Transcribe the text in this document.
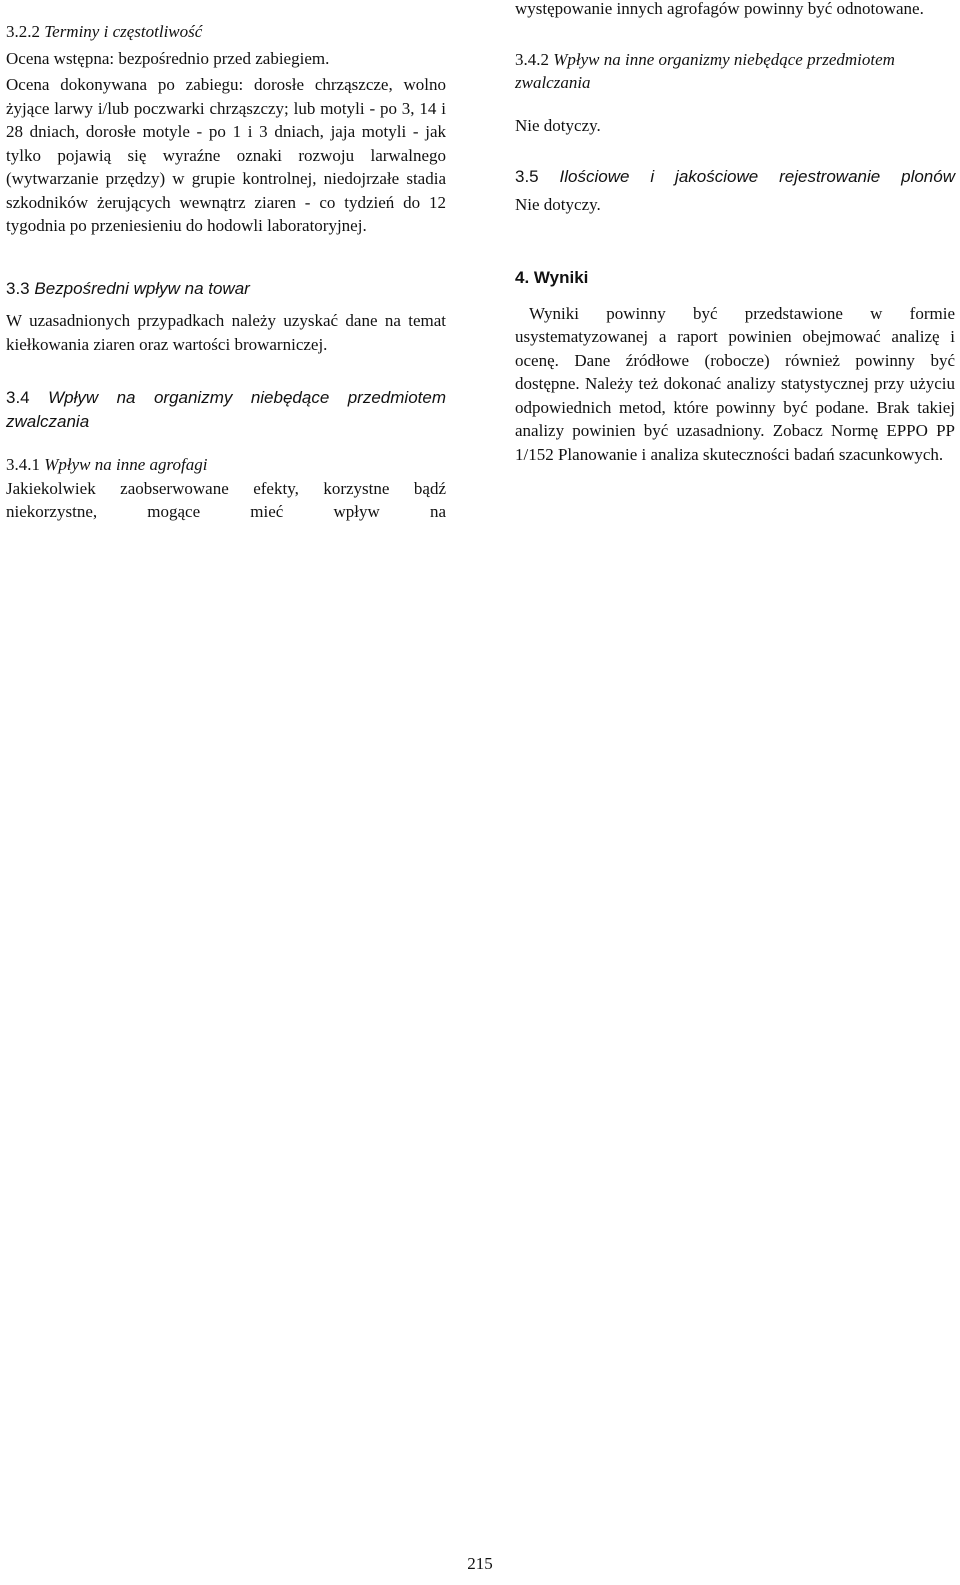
3.2.2 Terminy i częstotliwość

Ocena wstępna: bezpośrednio przed zabiegiem.

Ocena dokonywana po zabiegu: dorosłe chrząszcze, wolno żyjące larwy i/lub poczwarki chrząszczy; lub motyli - po 3, 14 i 28 dniach, dorosłe motyle - po 1 i 3 dniach, jaja motyli - jak tylko pojawią się wyraźne oznaki rozwoju larwalnego (wytwarzanie przędzy) w grupie kontrolnej, niedojrzałe stadia szkodników żerujących wewnątrz ziaren - co tydzień do 12 tygodnia po przeniesieniu do hodowli laboratoryjnej.

3.3 Bezpośredni wpływ na towar

W uzasadnionych przypadkach należy uzyskać dane na temat kiełkowania ziaren oraz wartości browarniczej.

3.4 Wpływ na organizmy niebędące przedmiotem zwalczania

3.4.1 Wpływ na inne agrofagi

Jakiekolwiek zaobserwowane efekty, korzystne bądź niekorzystne, mogące mieć wpływ na

występowanie innych agrofagów powinny być odnotowane.

3.4.2 Wpływ na inne organizmy niebędące przedmiotem zwalczania

Nie dotyczy.

3.5 Ilościowe i jakościowe rejestrowanie plonów

Nie dotyczy.

4. Wyniki

Wyniki powinny być przedstawione w formie usystematyzowanej a raport powinien obejmować analizę i ocenę. Dane źródłowe (robocze) również powinny być dostępne. Należy też dokonać analizy statystycznej przy użyciu odpowiednich metod, które powinny być podane. Brak takiej analizy powinien być uzasadniony. Zobacz Normę EPPO PP 1/152 Planowanie i analiza skuteczności badań szacunkowych.

215
